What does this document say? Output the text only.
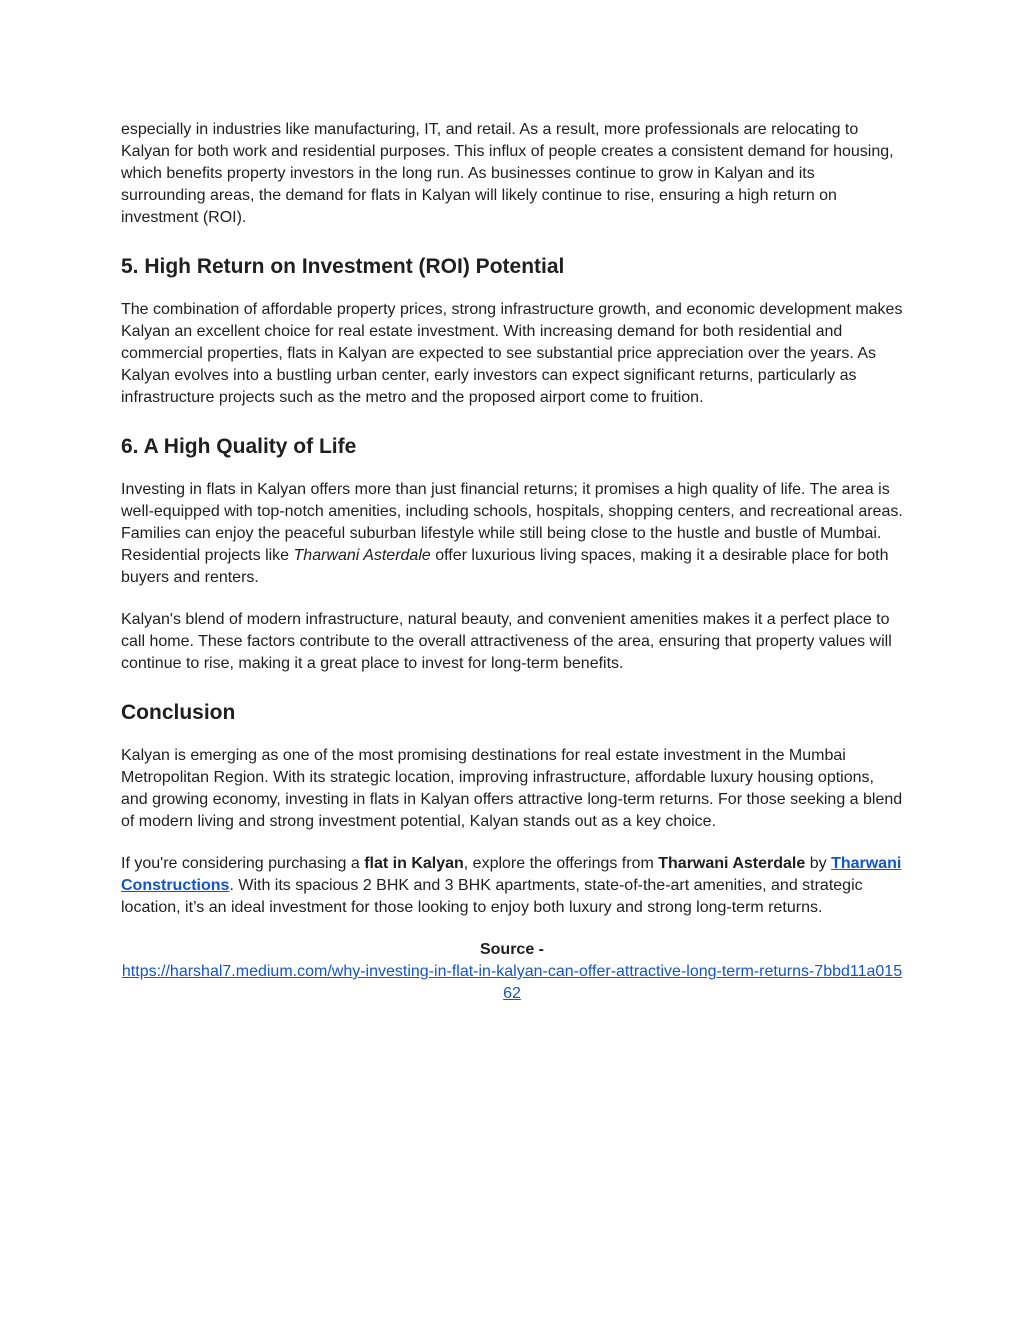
especially in industries like manufacturing, IT, and retail. As a result, more professionals are relocating to Kalyan for both work and residential purposes. This influx of people creates a consistent demand for housing, which benefits property investors in the long run. As businesses continue to grow in Kalyan and its surrounding areas, the demand for flats in Kalyan will likely continue to rise, ensuring a high return on investment (ROI).

5. High Return on Investment (ROI) Potential

The combination of affordable property prices, strong infrastructure growth, and economic development makes Kalyan an excellent choice for real estate investment. With increasing demand for both residential and commercial properties, flats in Kalyan are expected to see substantial price appreciation over the years. As Kalyan evolves into a bustling urban center, early investors can expect significant returns, particularly as infrastructure projects such as the metro and the proposed airport come to fruition.

6. A High Quality of Life

Investing in flats in Kalyan offers more than just financial returns; it promises a high quality of life. The area is well-equipped with top-notch amenities, including schools, hospitals, shopping centers, and recreational areas. Families can enjoy the peaceful suburban lifestyle while still being close to the hustle and bustle of Mumbai. Residential projects like Tharwani Asterdale offer luxurious living spaces, making it a desirable place for both buyers and renters.

Kalyan's blend of modern infrastructure, natural beauty, and convenient amenities makes it a perfect place to call home. These factors contribute to the overall attractiveness of the area, ensuring that property values will continue to rise, making it a great place to invest for long-term benefits.

Conclusion

Kalyan is emerging as one of the most promising destinations for real estate investment in the Mumbai Metropolitan Region. With its strategic location, improving infrastructure, affordable luxury housing options, and growing economy, investing in flats in Kalyan offers attractive long-term returns. For those seeking a blend of modern living and strong investment potential, Kalyan stands out as a key choice.

If you're considering purchasing a flat in Kalyan, explore the offerings from Tharwani Asterdale by Tharwani Constructions. With its spacious 2 BHK and 3 BHK apartments, state-of-the-art amenities, and strategic location, it’s an ideal investment for those looking to enjoy both luxury and strong long-term returns.

Source -
https://harshal7.medium.com/why-investing-in-flat-in-kalyan-can-offer-attractive-long-term-returns-7bbd11a01562
